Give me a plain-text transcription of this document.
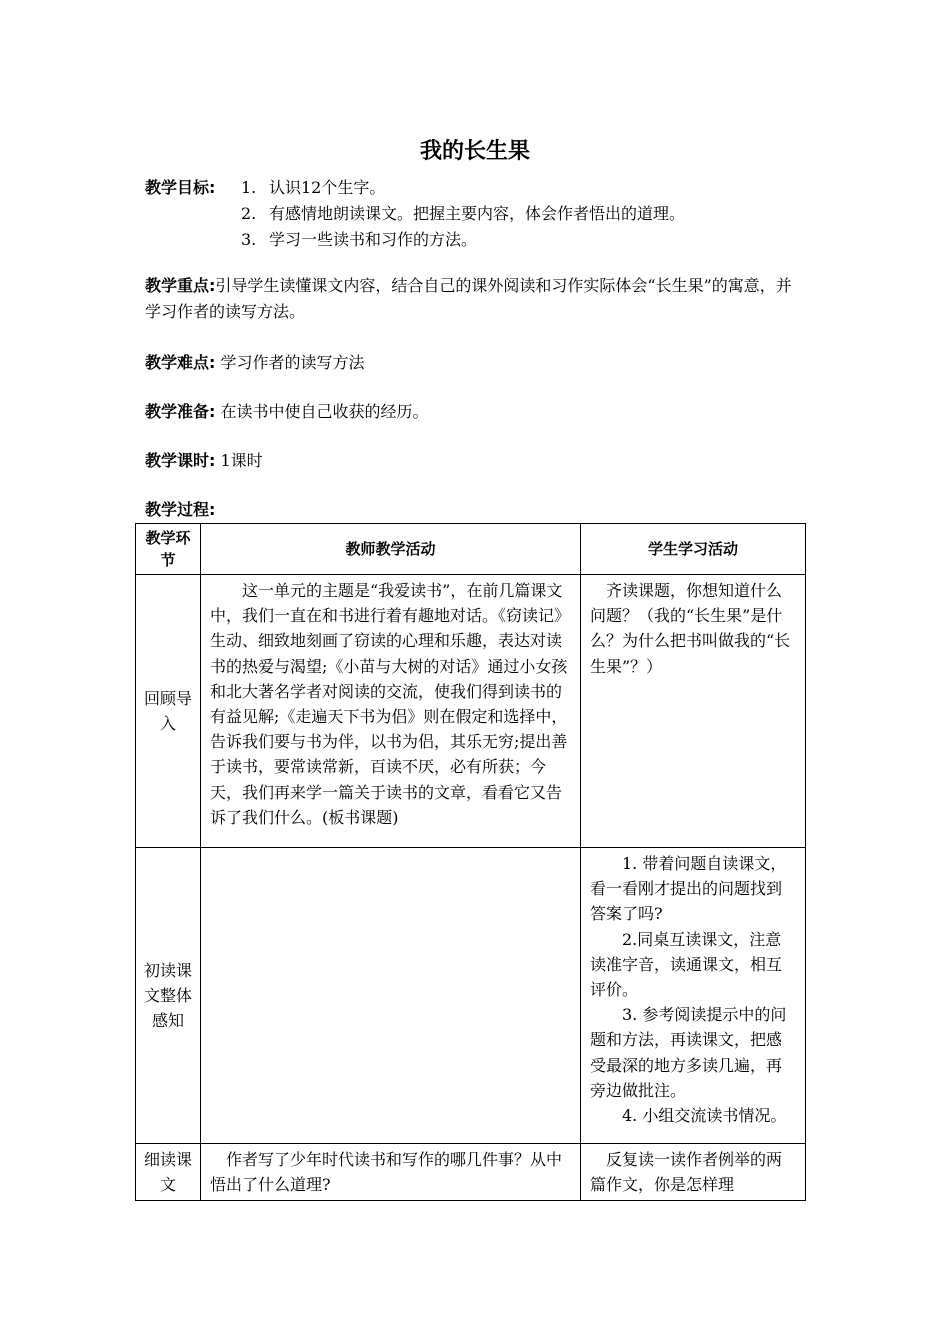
我的长生果
教学目标: 1. 认识12个生字。
2. 有感情地朗读课文。把握主要内容，体会作者悟出的道理。
3. 学习一些读书和习作的方法。
教学重点:引导学生读懂课文内容，结合自己的课外阅读和习作实际体会“长生果”的寓意，并学习作者的读写方法。
教学难点: 学习作者的读写方法
教学准备: 在读书中使自己收获的经历。
教学课时: 1课时
教学过程:
教学环节	教师教学活动	学生学习活动
回顾导入	这一单元的主题是“我爱读书”，在前几篇课文中，我们一直在和书进行着有趣地对话。《窃读记》生动、细致地刻画了窃读的心理和乐趣，表达对读书的热爱与渴望;《小苗与大树的对话》通过小女孩和北大著名学者对阅读的交流，使我们得到读书的有益见解;《走遍天下书为侣》则在假定和选择中，告诉我们要与书为伴，以书为侣，其乐无穷;提出善于读书，要常读常新，百读不厌，必有所获；今天，我们再来学一篇关于读书的文章，看看它又告诉了我们什么。(板书课题)	齐读课题，你想知道什么问题？（我的“长生果”是什么？为什么把书叫做我的“长生果”？）
初读课文整体感知		1. 带着问题自读课文，看一看刚才提出的问题找到答案了吗?

2.同桌互读课文，注意读准字音，读通课文，相互评价。

3. 参考阅读提示中的问题和方法，再读课文，把感受最深的地方多读几遍，再旁边做批注。

4. 小组交流读书情况。

细读课文	作者写了少年时代读书和写作的哪几件事？从中悟出了什么道理?	反复读一读作者例举的两篇作文，你是怎样理
